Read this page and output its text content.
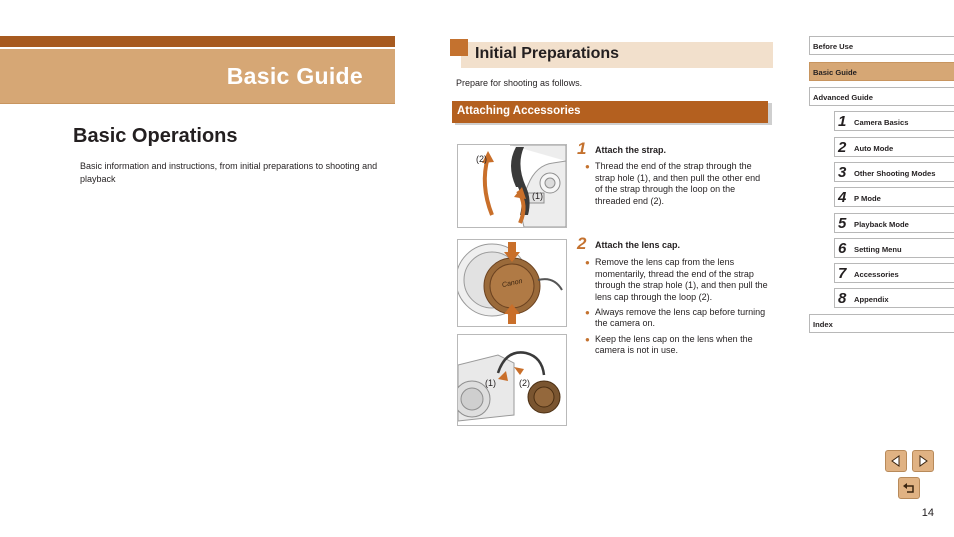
Basic Guide
Basic Operations
Basic information and instructions, from initial preparations to shooting and playback
Initial Preparations
Prepare for shooting as follows.
Attaching Accessories
(2)
(1)
Canon
(1)	(2)
1 Attach the strap.
● Thread the end of the strap through the strap hole (1), and then pull the other end of the strap through the loop on the threaded end (2).
2 Attach the lens cap.
● Remove the lens cap from the lens momentarily, thread the end of the strap through the strap hole (1), and then pull the lens cap through the loop (2).
● Always remove the lens cap before turning the camera on.
● Keep the lens cap on the lens when the camera is not in use.
Before Use
Basic Guide
Advanced Guide
1 Camera Basics
2 Auto Mode
3 Other Shooting Modes
4 P Mode
5 Playback Mode
6 Setting Menu
7 Accessories
8 Appendix
Index
14
